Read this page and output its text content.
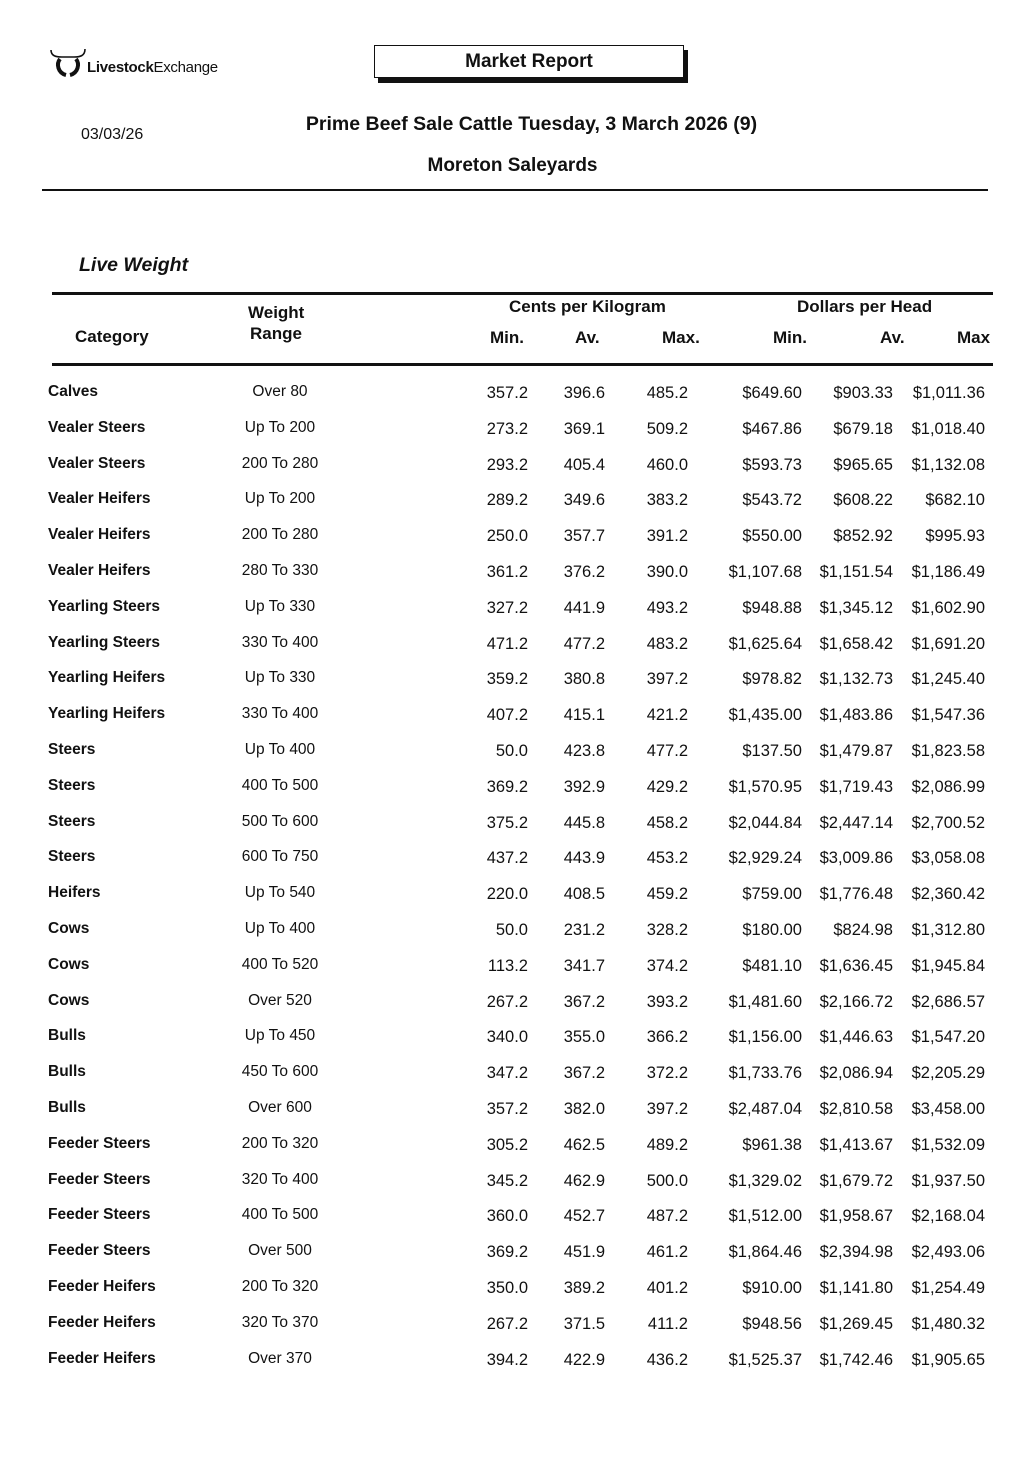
LivestockExchange	Market Report
03/03/26	Prime Beef Sale Cattle Tuesday, 3 March 2026 (9)
Moreton Saleyards
Live Weight
Category
Weight
Range
Cents per Kilogram	Dollars per Head
Min.	Av.	Max.	Min.	Av.	Max
Calves	Over 80	357.2 396.6	485.2	$649.60 $903.33 $1,011.36
Vealer Steers	Up To 200	273.2 369.1	509.2	$467.86 $679.18 $1,018.40
Vealer Steers	200 To 280	293.2 405.4	460.0	$593.73 $965.65 $1,132.08
Vealer Heifers	Up To 200	289.2 349.6	383.2	$543.72 $608.22 $682.10
Vealer Heifers	200 To 280	250.0 357.7	391.2	$550.00 $852.92 $995.93
Vealer Heifers	280 To 330	361.2 376.2	390.0 $1,107.68 $1,151.54 $1,186.49
Yearling Steers	Up To 330	327.2 441.9	493.2	$948.88 $1,345.12 $1,602.90
Yearling Steers	330 To 400	471.2 477.2	483.2 $1,625.64 $1,658.42 $1,691.20
Yearling Heifers	Up To 330	359.2 380.8	397.2	$978.82 $1,132.73 $1,245.40
Yearling Heifers	330 To 400	407.2 415.1	421.2 $1,435.00 $1,483.86 $1,547.36
Steers	Up To 400	50.0 423.8	477.2	$137.50 $1,479.87 $1,823.58
Steers	400 To 500	369.2 392.9	429.2 $1,570.95 $1,719.43 $2,086.99
Steers	500 To 600	375.2 445.8	458.2 $2,044.84 $2,447.14 $2,700.52
Steers	600 To 750	437.2 443.9	453.2 $2,929.24 $3,009.86 $3,058.08
Heifers	Up To 540	220.0 408.5	459.2	$759.00 $1,776.48 $2,360.42
Cows	Up To 400	50.0 231.2	328.2	$180.00 $824.98 $1,312.80
Cows	400 To 520	113.2 341.7	374.2	$481.10 $1,636.45 $1,945.84
Cows	Over 520	267.2 367.2	393.2 $1,481.60 $2,166.72 $2,686.57
Bulls	Up To 450	340.0 355.0	366.2 $1,156.00 $1,446.63 $1,547.20
Bulls	450 To 600	347.2 367.2	372.2 $1,733.76 $2,086.94 $2,205.29
Bulls	Over 600	357.2 382.0	397.2 $2,487.04 $2,810.58 $3,458.00
Feeder Steers	200 To 320	305.2 462.5	489.2	$961.38 $1,413.67 $1,532.09
Feeder Steers	320 To 400	345.2 462.9	500.0 $1,329.02 $1,679.72 $1,937.50
Feeder Steers	400 To 500	360.0 452.7	487.2 $1,512.00 $1,958.67 $2,168.04
Feeder Steers	Over 500	369.2 451.9	461.2 $1,864.46 $2,394.98 $2,493.06
Feeder Heifers	200 To 320	350.0 389.2	401.2	$910.00 $1,141.80 $1,254.49
Feeder Heifers	320 To 370	267.2 371.5	411.2	$948.56 $1,269.45 $1,480.32
Feeder Heifers	Over 370	394.2 422.9	436.2 $1,525.37 $1,742.46 $1,905.65
